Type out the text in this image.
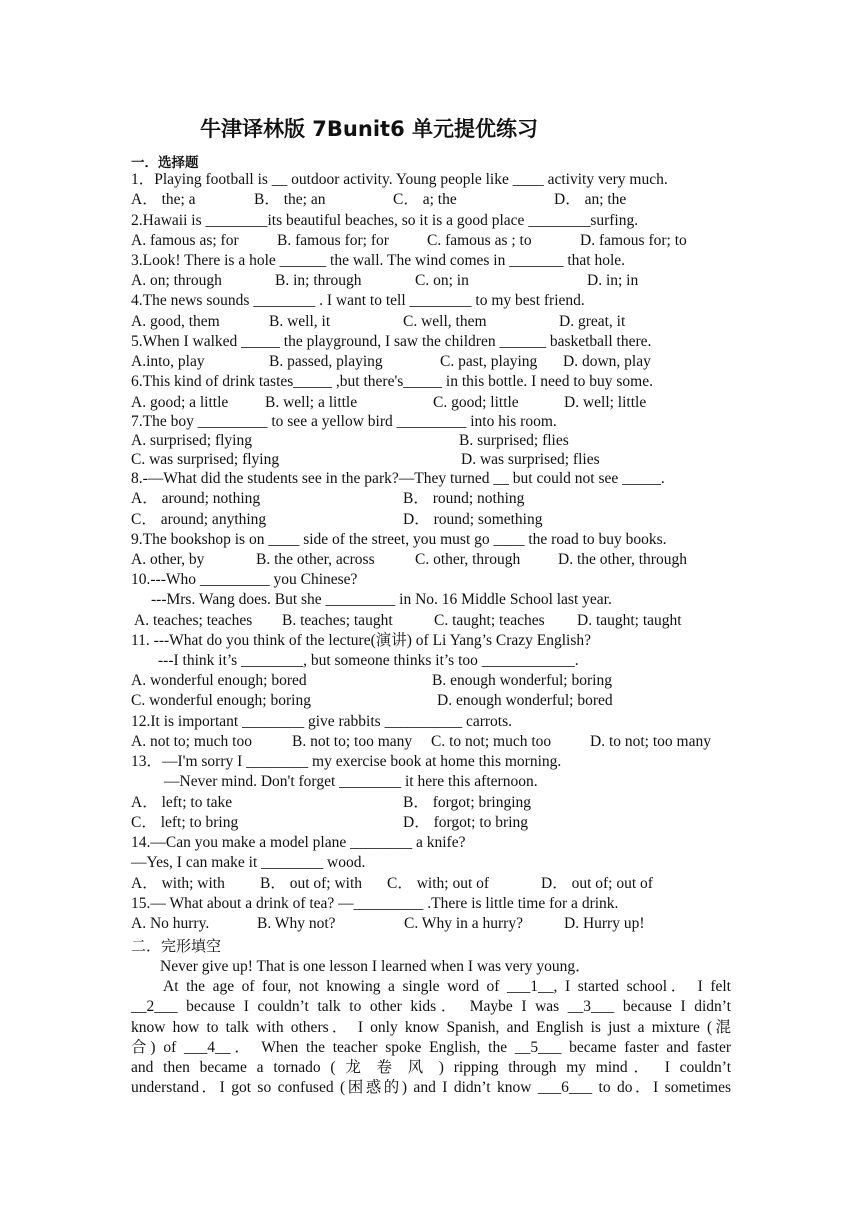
牛津译林版 7Bunit6 单元提优练习
一．选择题
1．Playing football is __ outdoor activity. Young people like ____ activity very much.
A． the; a	B． the; an	C． a; the	D． an; the
2.Hawaii is ________its beautiful beaches, so it is a good place ________surfing.
A. famous as; for B. famous for; for C. famous as ; to	D. famous for; to
3.Look! There is a hole ______ the wall. The wind comes in _______ that hole.
A. on; through	B. in; through	C. on; in	D. in; in
4.The news sounds ________ . I want to tell ________ to my best friend.
A. good, them	B. well, it	C. well, them	D. great, it
5.When I walked _____ the playground, I saw the children ______ basketball there.
A.into, play	B. passed, playing	C. past, playing D. down, play
6.This kind of drink tastes_____ ,but there's_____ in this bottle. I need to buy some.
A. good; a little B. well; a little	C. good; little	D. well; little
7.The boy _________ to see a yellow bird _________ into his room.
A. surprised; flying	B. surprised; flies
C. was surprised; flying	D. was surprised; flies
8.-—What did the students see in the park?—They turned __ but could not see _____.
A． around; nothing	B． round; nothing
C． around; anything	D． round; something
9.The bookshop is on ____ side of the street, you must go ____ the road to buy books.
A. other, by	B. the other, across	C. other, through D. the other, through
10.---Who _________ you Chinese?
---Mrs. Wang does. But she _________ in No. 16 Middle School last year.
A. teaches; teaches B. teaches; taught	C. taught; teaches D. taught; taught
11. ---What do you think of the lecture(演讲) of Li Yang’s Crazy English?
---I think it’s ________, but someone thinks it’s too ____________.
A. wonderful enough; bored	B. enough wonderful; boring
C. wonderful enough; boring	D. enough wonderful; bored
12.It is important ________ give rabbits __________ carrots.
A. not to; much too	B. not to; too many C. to not; much too	D. to not; too many
13．—I'm sorry I ________ my exercise book at home this morning.
—Never mind. Don't forget ________ it here this afternoon.
A． left; to take	B． forgot; bringing
C． left; to bring	D． forgot; to bring
14.—Can you make a model plane ________ a knife?
—Yes, I can make it ________ wood.
A． with; with B． out of; with C． with; out of	D． out of; out of
15.— What about a drink of tea? —_________ .There is little time for a drink.
A. No hurry.	B. Why not?	C. Why in a hurry?	D. Hurry up!
二．完形填空
Never give up! That is one lesson I learned when I was very young．
At the age of four, not knowing a single word of ___1__, I started school． I felt
__2___ because I couldn’t talk to other kids． Maybe I was __3___ because I didn’t
know how to talk with others． I only know Spanish, and English is just a mixture (混
合) of ___4__． When the teacher spoke English, the __5___ became faster and faster
and then became a tornado ( 龙 卷 风 ) ripping through my mind． I couldn’t
understand．I got so confused (困惑的) and I didn’t know ___6___ to do．I sometimes
